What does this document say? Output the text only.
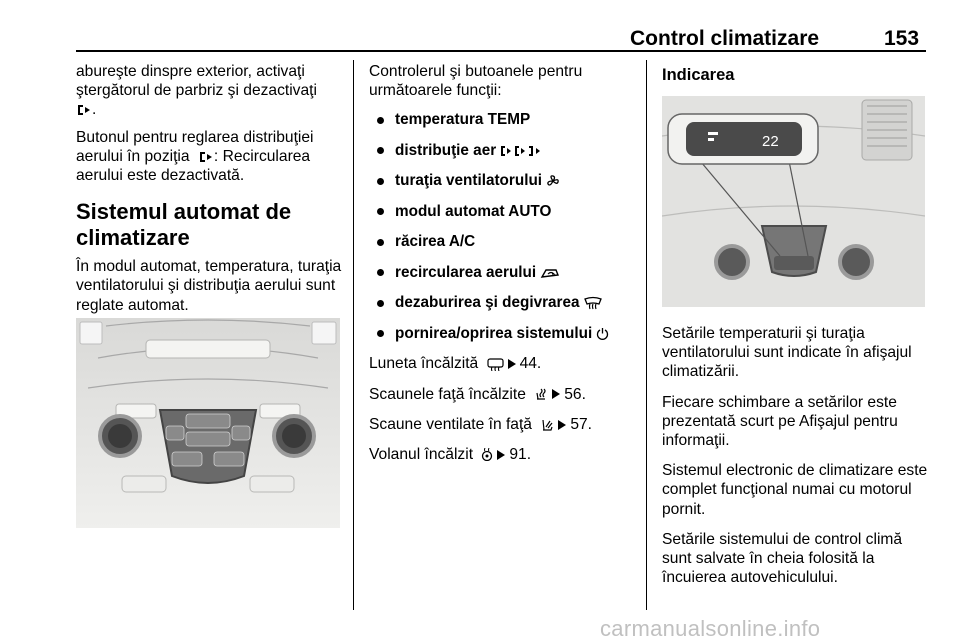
Control climatizare	153

abureşte dinspre exterior, activaţi ştergătorul de parbriz şi dezactivaţi
.

Butonul pentru reglarea distribuţiei aerului în poziţia : Recircularea aerului este dezactivată.

Sistemul automat de climatizare

În modul automat, temperatura, turaţia ventilatorului şi distribuţia aerului sunt reglate automat.

Controlerul şi butoanele pentru următoarele funcţii:

temperatura TEMP
distribuţie aer
turaţia ventilatorului
modul automat AUTO
răcirea A/C
recircularea aerului
dezaburirea şi degivrarea
pornirea/oprirea sistemului

Luneta încălzită	44.

Scaunele faţă încălzite 56.

Scaune ventilate în faţă 57.

Volanul încălzit 91.

Indicarea
22

Setările temperaturii şi turaţia ventilatorului sunt indicate în afişajul climatizării.

Fiecare schimbare a setărilor este prezentată scurt pe Afişajul pentru informaţii.

Sistemul electronic de climatizare este complet funcţional numai cu motorul pornit.

Setările sistemului de control climă sunt salvate în cheia folosită la încuierea autovehiculului.

carmanualsonline.info
